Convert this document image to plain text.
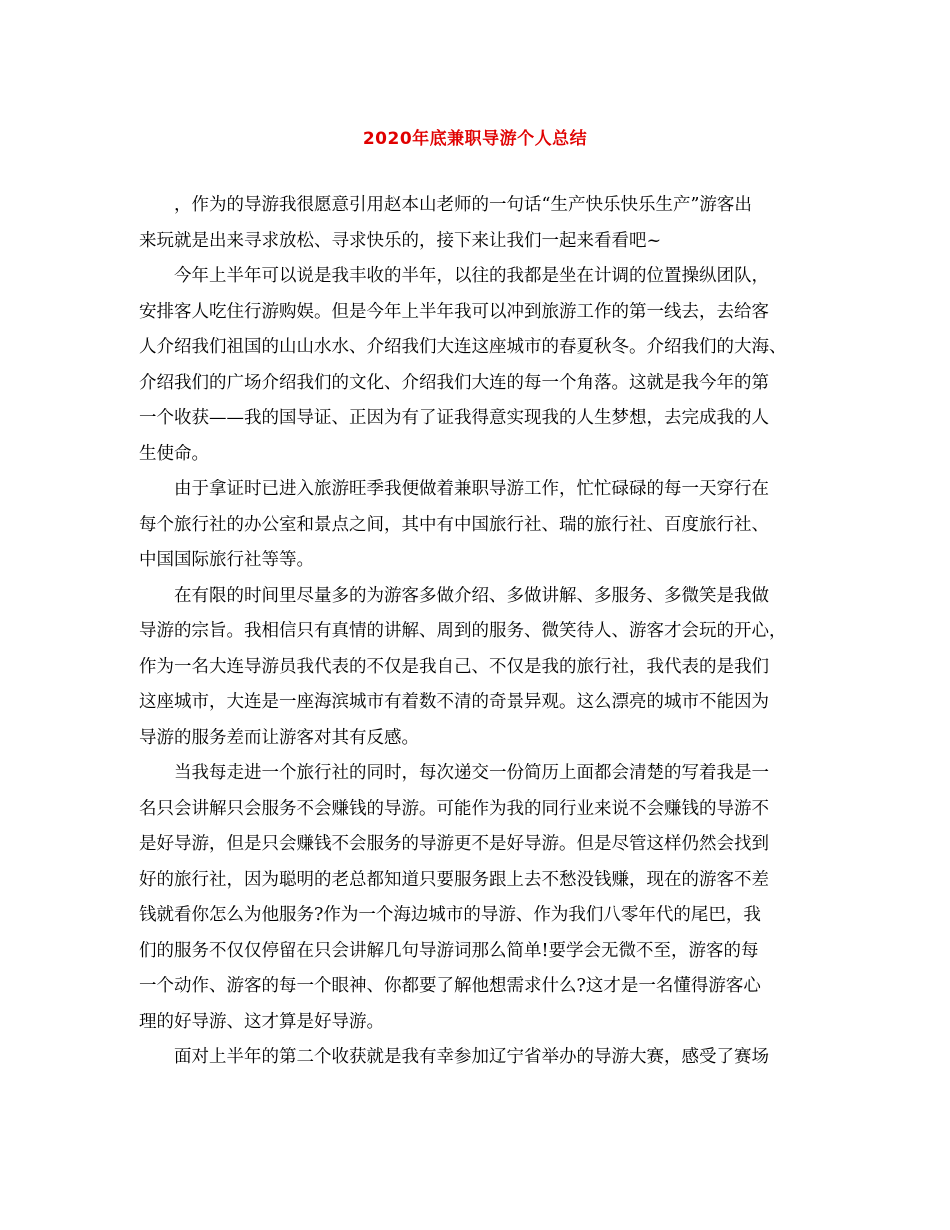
2020年底兼职导游个人总结
，作为的导游我很愿意引用赵本山老师的一句话“生产快乐快乐生产”游客出
来玩就是出来寻求放松、寻求快乐的，接下来让我们一起来看看吧~
今年上半年可以说是我丰收的半年，以往的我都是坐在计调的位置操纵团队，
安排客人吃住行游购娱。但是今年上半年我可以冲到旅游工作的第一线去，去给客
人介绍我们祖国的山山水水、介绍我们大连这座城市的春夏秋冬。介绍我们的大海、
介绍我们的广场介绍我们的文化、介绍我们大连的每一个角落。这就是我今年的第
一个收获——我的国导证、正因为有了证我得意实现我的人生梦想，去完成我的人
生使命。
由于拿证时已进入旅游旺季我便做着兼职导游工作，忙忙碌碌的每一天穿行在
每个旅行社的办公室和景点之间，其中有中国旅行社、瑞的旅行社、百度旅行社、
中国国际旅行社等等。
在有限的时间里尽量多的为游客多做介绍、多做讲解、多服务、多微笑是我做
导游的宗旨。我相信只有真情的讲解、周到的服务、微笑待人、游客才会玩的开心，
作为一名大连导游员我代表的不仅是我自己、不仅是我的旅行社，我代表的是我们
这座城市，大连是一座海滨城市有着数不清的奇景异观。这么漂亮的城市不能因为
导游的服务差而让游客对其有反感。
当我每走进一个旅行社的同时，每次递交一份简历上面都会清楚的写着我是一
名只会讲解只会服务不会赚钱的导游。可能作为我的同行业来说不会赚钱的导游不
是好导游，但是只会赚钱不会服务的导游更不是好导游。但是尽管这样仍然会找到
好的旅行社，因为聪明的老总都知道只要服务跟上去不愁没钱赚，现在的游客不差
钱就看你怎么为他服务?作为一个海边城市的导游、作为我们八零年代的尾巴，我
们的服务不仅仅停留在只会讲解几句导游词那么简单!要学会无微不至，游客的每
一个动作、游客的每一个眼神、你都要了解他想需求什么?这才是一名懂得游客心
理的好导游、这才算是好导游。
面对上半年的第二个收获就是我有幸参加辽宁省举办的导游大赛，感受了赛场
